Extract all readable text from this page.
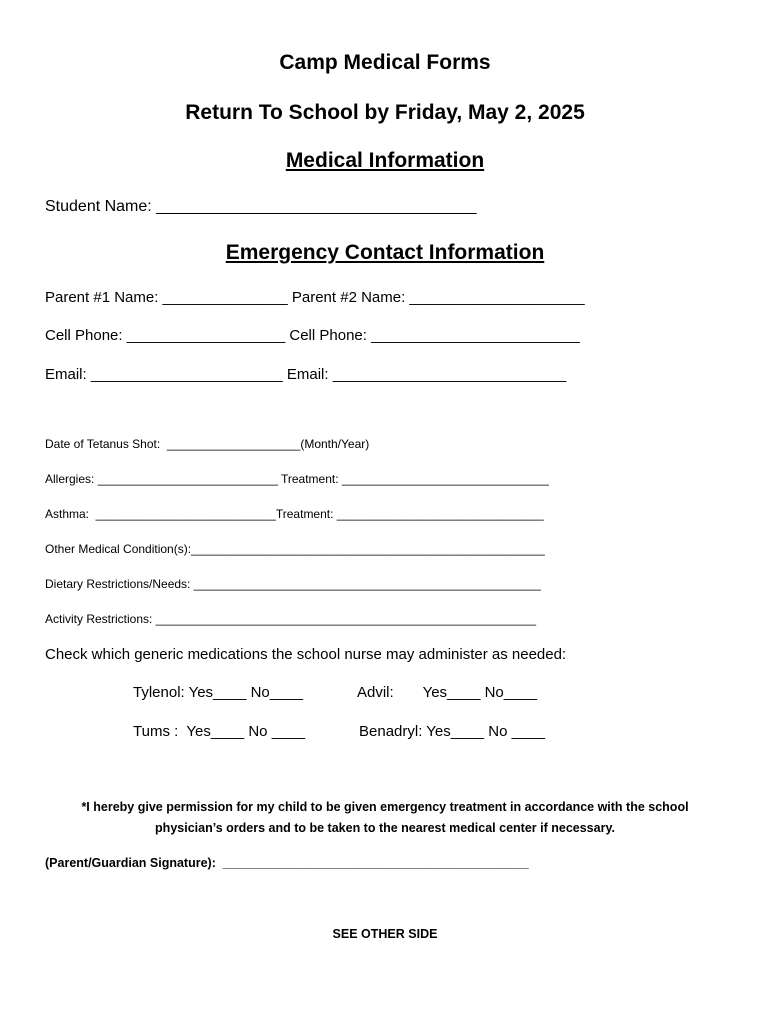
Camp Medical Forms
Return To School by Friday, May 2, 2025
Medical Information
Student Name: ____________________________________
Emergency Contact Information
Parent #1 Name: _______________ Parent #2 Name: _____________________
Cell Phone: ___________________ Cell Phone: _________________________
Email: _______________________ Email: ____________________________
Date of Tetanus Shot:  ____________________(Month/Year)
Allergies: ___________________________ Treatment: _______________________________
Asthma:  ___________________________Treatment: _______________________________
Other Medical Condition(s):_____________________________________________________
Dietary Restrictions/Needs: ____________________________________________________
Activity Restrictions: _________________________________________________________
Check which generic medications the school nurse may administer as needed:
Tylenol: Yes____ No____	Advil:       Yes____ No____
Tums :  Yes____ No ____	Benadryl: Yes____ No ____
*I hereby give permission for my child to be given emergency treatment in accordance with the school
physician’s orders and to be taken to the nearest medical center if necessary.
(Parent/Guardian Signature):  ____________________________________________
SEE OTHER SIDE
